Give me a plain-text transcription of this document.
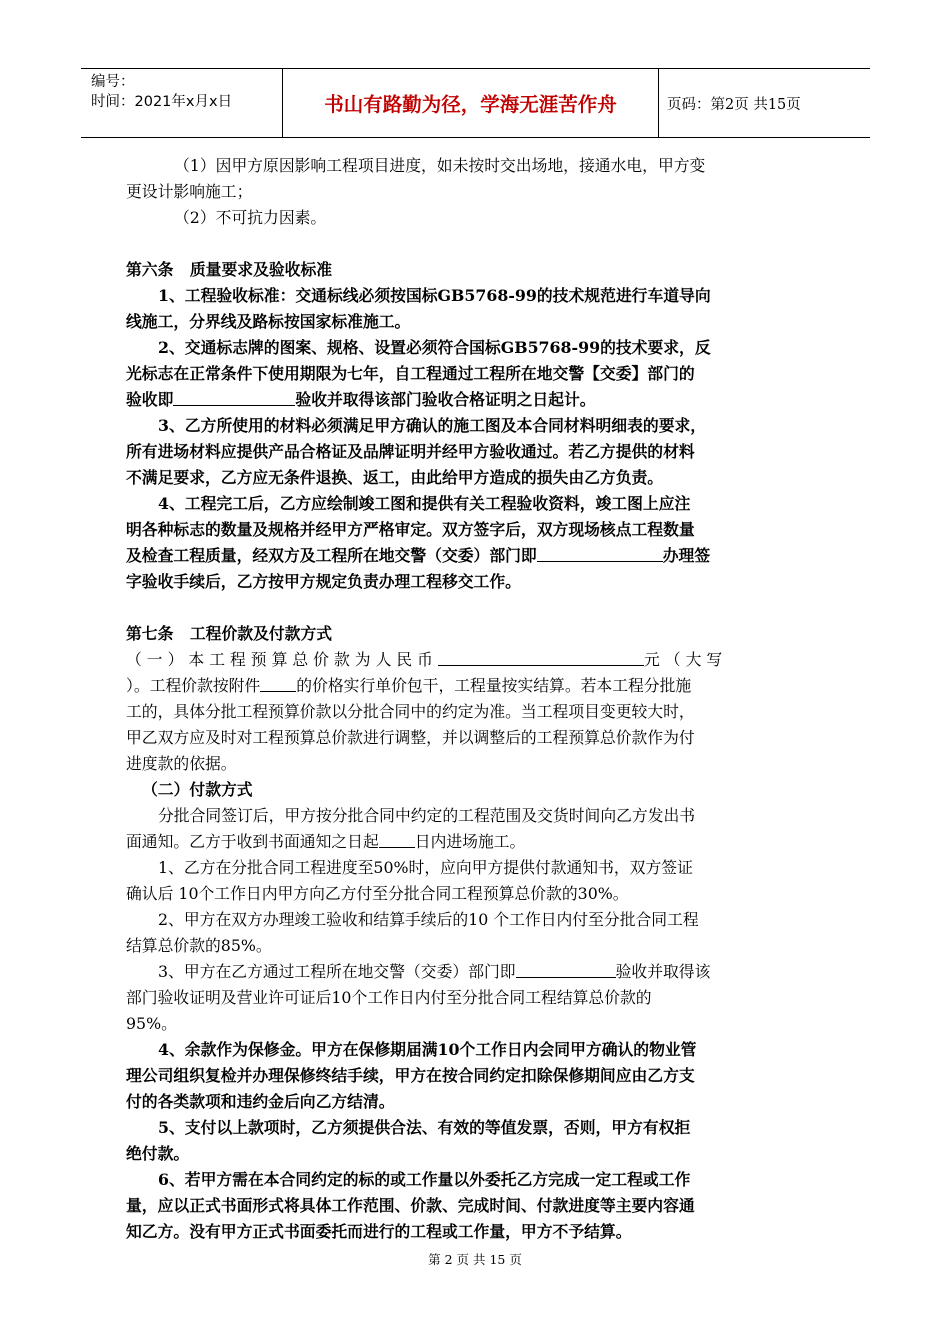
编号：
时间：2021年x月x日	书山有路勤为径，学海无涯苦作舟	页码：第2页 共15页
（1）因甲方原因影响工程项目进度，如未按时交出场地，接通水电，甲方变
更设计影响施工；
（2）不可抗力因素。
第六条   质量要求及验收标准
1、工程验收标准：交通标线必须按国标GB5768-99的技术规范进行车道导向
线施工，分界线及路标按国家标准施工。
2、交通标志牌的图案、规格、设置必须符合国标GB5768-99的技术要求，反
光标志在正常条件下使用期限为七年，自工程通过工程所在地交警【交委】部门的
验收即	验收并取得该部门验收合格证明之日起计。
3、乙方所使用的材料必须满足甲方确认的施工图及本合同材料明细表的要求，
所有进场材料应提供产品合格证及品牌证明并经甲方验收通过。若乙方提供的材料
不满足要求，乙方应无条件退换、返工，由此给甲方造成的损失由乙方负责。
4、工程完工后，乙方应绘制竣工图和提供有关工程验收资料，竣工图上应注
明各种标志的数量及规格并经甲方严格审定。双方签字后，双方现场核点工程数量
及检查工程质量，经双方及工程所在地交警（交委）部门即	办理签
字验收手续后，乙方按甲方规定负责办理工程移交工作。
第七条   工程价款及付款方式
（一）本工程预算总价款为人民币	元（大写
）。工程价款按附件 的价格实行单价包干，工程量按实结算。若本工程分批施
工的，具体分批工程预算价款以分批合同中的约定为准。当工程项目变更较大时，
甲乙双方应及时对工程预算总价款进行调整，并以调整后的工程预算总价款作为付
进度款的依据。
（二）付款方式
分批合同签订后，甲方按分批合同中约定的工程范围及交货时间向乙方发出书
面通知。乙方于收到书面通知之日起 日内进场施工。
1、乙方在分批合同工程进度至50%时，应向甲方提供付款通知书，双方签证
确认后 10个工作日内甲方向乙方付至分批合同工程预算总价款的30%。
2、甲方在双方办理竣工验收和结算手续后的10 个工作日内付至分批合同工程
结算总价款的85%。
3、甲方在乙方通过工程所在地交警（交委）部门即	验收并取得该
部门验收证明及营业许可证后10个工作日内付至分批合同工程结算总价款的
95%。
4、余款作为保修金。甲方在保修期届满10个工作日内会同甲方确认的物业管
理公司组织复检并办理保修终结手续，甲方在按合同约定扣除保修期间应由乙方支
付的各类款项和违约金后向乙方结清。
5、支付以上款项时，乙方须提供合法、有效的等值发票，否则，甲方有权拒
绝付款。
6、若甲方需在本合同约定的标的或工作量以外委托乙方完成一定工程或工作
量，应以正式书面形式将具体工作范围、价款、完成时间、付款进度等主要内容通
知乙方。没有甲方正式书面委托而进行的工程或工作量，甲方不予结算。
第 2 页 共 15 页
